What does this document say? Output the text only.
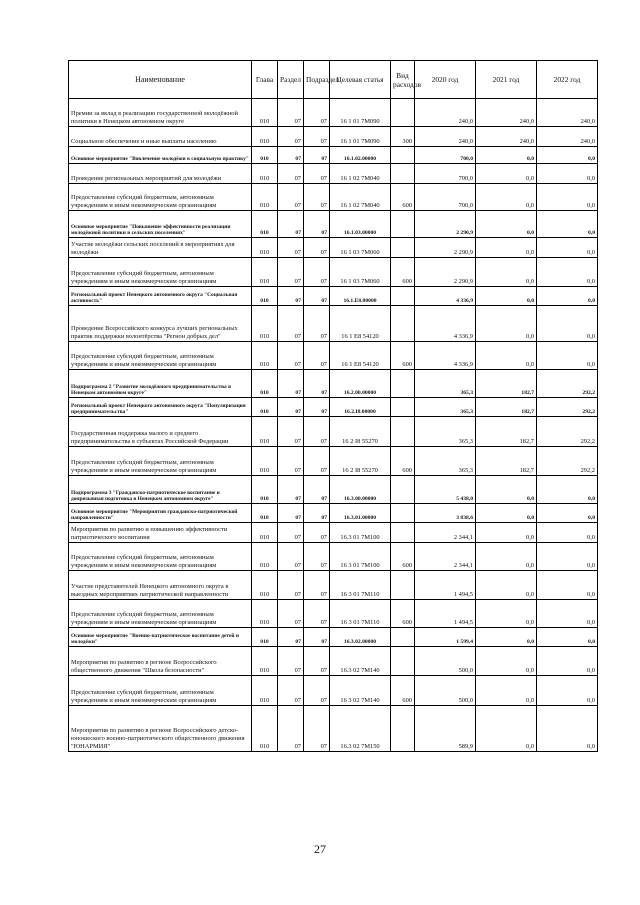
Наименование	Глава	Раздел	Подраздел	Целевая статья	Вид расходов	2020 год	2021 год	2022 год
Премии за вклад в реализацию государственной молодёжной политики в Ненецком автономном округе	010	07	07	16 1 01 7М090		240,0	240,0	240,0
Социальное обеспечение и иные выплаты населению	010	07	07	16 1 01 7М090	300	240,0	240,0	240,0
Основное мероприятие "Вовлечение молодёжи в социальную практику"	010	07	07	16.1.02.00000		700,0	0,0	0,0
Проведение региональных мероприятий для молодёжи	010	07	07	16 1 02 7М040		700,0	0,0	0,0
Предоставление субсидий бюджетным, автономным учреждениям и иным некоммерческим организациям	010	07	07	16 1 02 7М040	600	700,0	0,0	0,0
Основное мероприятие "Повышение эффективности реализации молодёжной политики в сельских поселениях"	010	07	07	16.1.03.00000		2 290,9	0,0	0,0
Участие молодёжи сельских поселений в мероприятиях для молодёжи	010	07	07	16 1 03 7М060		2 290,9	0,0	0,0
Предоставление субсидий бюджетным, автономным учреждениям и иным некоммерческим организациям	010	07	07	16 1 03 7М060	600	2 290,9	0,0	0,0
Региональный проект Ненецкого автономного округа "Социальная активность"	010	07	07	16.1.Е8.00000		4 336,9	0,0	0,0
Проведение Всероссийского конкурса лучших региональных практик поддержки волонтёрства "Регион добрых дел"	010	07	07	16 1 Е8 54120		4 336,9	0,0	0,0
Предоставление субсидий бюджетным, автономным учреждениям и иным некоммерческим организациям	010	07	07	16 1 Е8 54120	600	4 336,9	0,0	0,0
Подпрограмма 2 "Развитие молодёжного предпринимательства в Ненецком автономном округе"	010	07	07	16.2.00.00000		365,3	182,7	292,2
Региональный проект Ненецкого автономного округа "Популяризация предпринимательства"	010	07	07	16.2.I8.00000		365,3	182,7	292,2
Государственная поддержка малого и среднего предпринимательства в субъектах Российской Федерации	010	07	07	16 2 I8 55270		365,3	182,7	292,2
Предоставление субсидий бюджетным, автономным учреждениям и иным некоммерческим организациям	010	07	07	16 2 I8 55270	600	365,3	182,7	292,2
Подпрограмма 3 "Гражданско-патриотическое воспитание и допризывная подготовка в Ненецком автономном округе"	010	07	07	16.3.00.00000		5 438,0	0,0	0,0
Основное мероприятие "Мероприятия гражданско-патриотической направленности"	010	07	07	16.3.01.00000		3 838,6	0,0	0,0
Мероприятия по развитию и повышению эффективности патриотического воспитания	010	07	07	16.3 01 7М100		2 344,1	0,0	0,0
Предоставление субсидий бюджетным, автономным учреждениям и иным некоммерческим организациям	010	07	07	16 3 01 7М100	600	2 344,1	0,0	0,0
Участие представителей Ненецкого автономного округа в выездных мероприятиях патриотической направленности	010	07	07	16 3 01 7М110		1 494,5	0,0	0,0
Предоставление субсидий бюджетным, автономным учреждениям и иным некоммерческим организациям	010	07	07	16 3 01 7М110	600	1 494,5	0,0	0,0
Основное мероприятие "Военно-патриотическое воспитание детей и молодёжи"	010	07	07	16.3.02.00000		1 599,4	0,0	0,0
Мероприятия по развитию в регионе Всероссийского общественного движения "Школа безопасности"	010	07	07	16.3 02 7М140		500,0	0,0	0,0
Предоставление субсидий бюджетным, автономным учреждениям и иным некоммерческим организациям	010	07	07	16 3 02 7М140	600	500,0	0,0	0,0
Мероприятия по развитию в регионе Всероссийского детско-юношеского военно-патриотического общественного движения "ЮНАРМИЯ"	010	07	07	16.3 02 7М150		589,9	0,0	0,0
27
